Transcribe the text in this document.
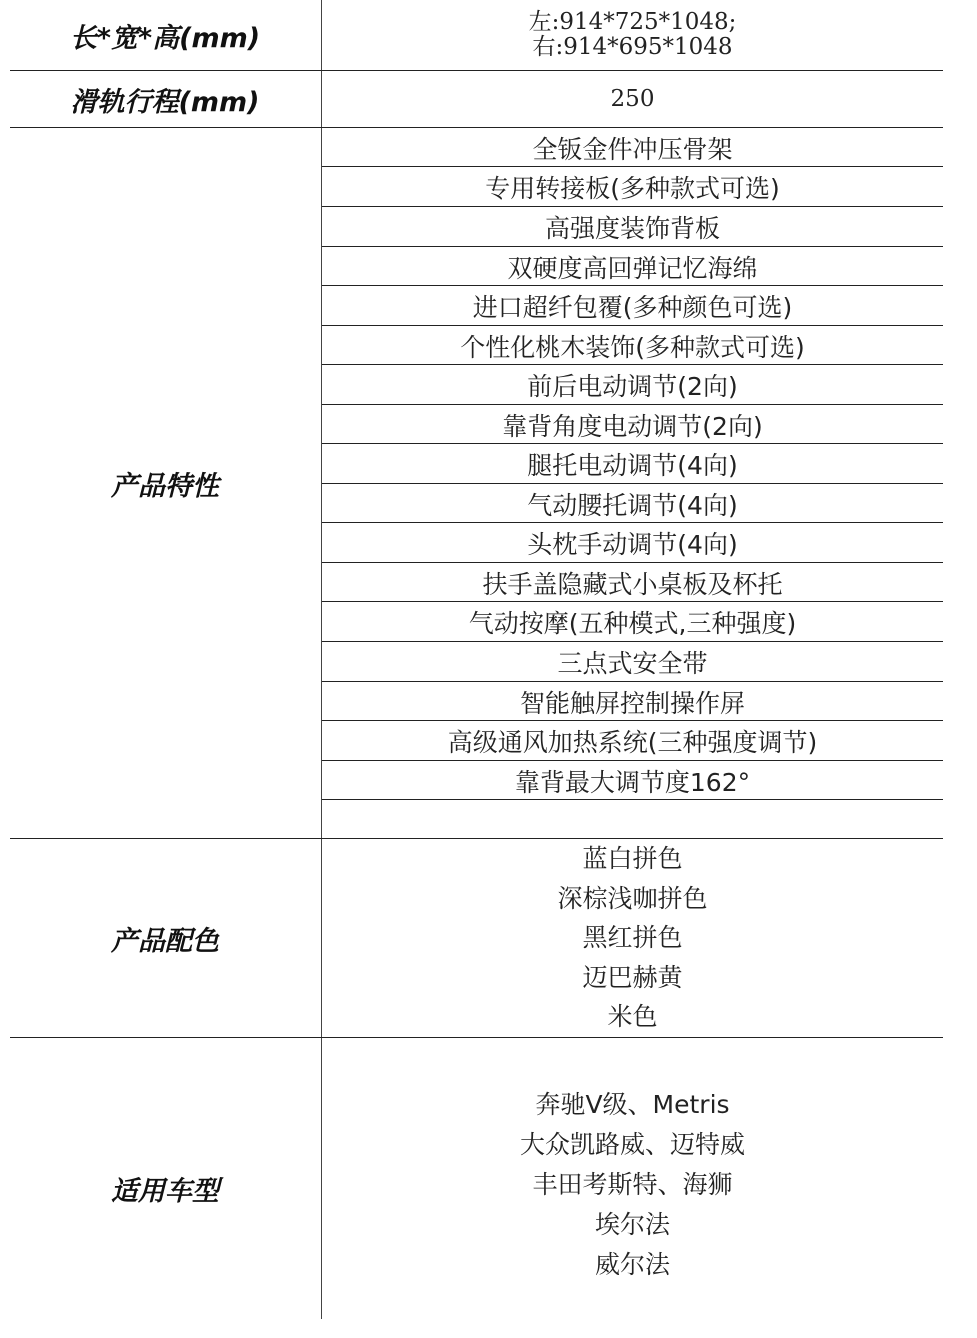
长*宽*高(mm)
左:914*725*1048;
右:914*695*1048
滑轨行程(mm)	250
产品特性
全钣金件冲压骨架
专用转接板(多种款式可选)
高强度装饰背板
双硬度高回弹记忆海绵
进口超纤包覆(多种颜色可选)
个性化桃木装饰(多种款式可选)
前后电动调节(2向)
靠背角度电动调节(2向)
腿托电动调节(4向)
气动腰托调节(4向)
头枕手动调节(4向)
扶手盖隐藏式小桌板及杯托
气动按摩(五种模式,三种强度)
三点式安全带
智能触屏控制操作屏
高级通风加热系统(三种强度调节)
靠背最大调节度162°
产品配色
蓝白拼色
深棕浅咖拼色
黑红拼色
迈巴赫黄
米色
适用车型
奔驰V级、Metris
大众凯路威、迈特威
丰田考斯特、海狮
埃尔法
威尔法
